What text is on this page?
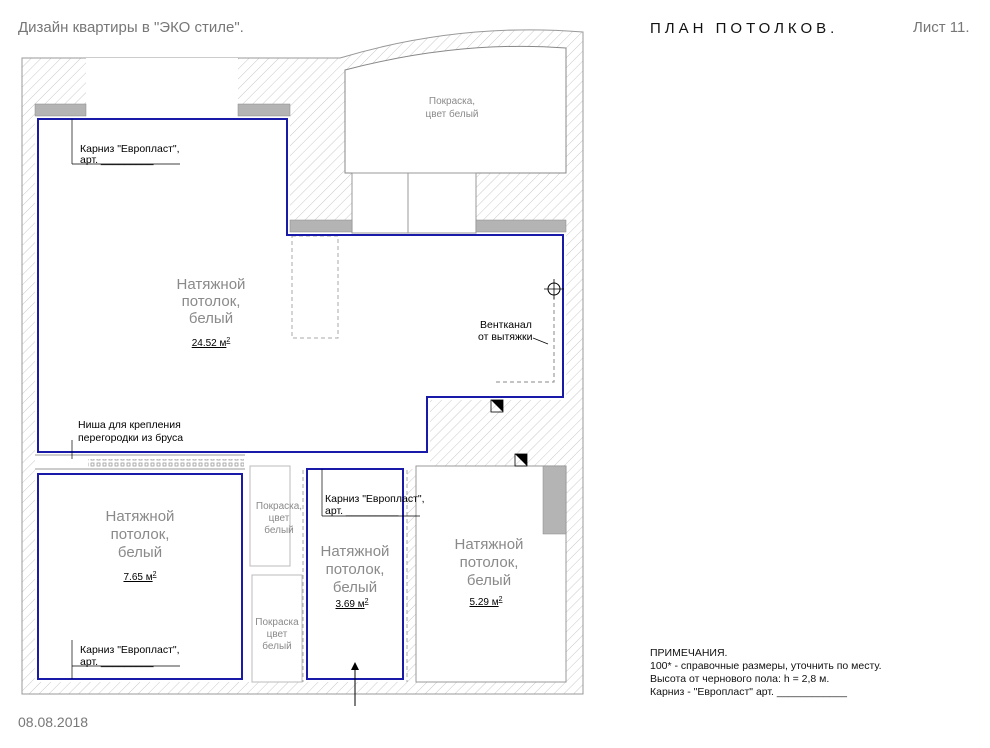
Дизайн квартиры в "ЭКО стиле".	ПЛАН ПОТОЛКОВ.	Лист 11.
Натяжной
потолок,
белый
24.52 $м^2$
Натяжной
потолок,
белый
7.65 $м^2$
Натяжной
потолок,
белый
3.69 $м^2$
Натяжной
потолок,
белый
5.29 $м^2$
Покраска,
цвет белый
Покраска,
цвет
белый
Покраска
цвет
белый
Карниз "Европласт",
арт. _________
Карниз "Европласт",
арт. _________
Карниз "Европласт",
арт. _________
Вентканал
от вытяжки
Ниша для крепления
перегородки из бруса
ПРИМЕЧАНИЯ.
100* - справочные размеры, уточнить по месту.
Высота от чернового пола: h = 2,8 м.
Карниз - "Европласт" арт. ____________
08.08.2018
